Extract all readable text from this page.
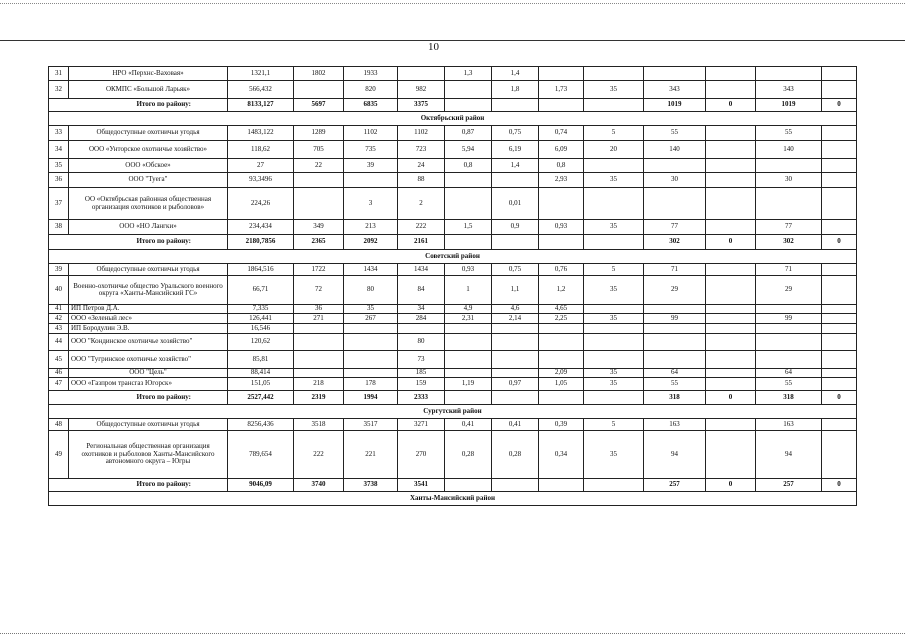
10
31	НРО «Перхнс-Ваховая»	1321,1	1802	1933		1,3	1,4						
32	ОКМПС «Большой Ларьяк»	566,432		820	982		1,8	1,73	35	343		343	
Итого по району:		8133,127	5697	6835	3375					1019	0	1019	0
Октябрьский район													
33	Общедоступные охотничьи угодья	1483,122	1289	1102	1102	0,87	0,75	0,74	5	55		55	
34	ООО «Унторское охотничье хозяйство»	118,62	705	735	723	5,94	6,19	6,09	20	140		140	
35	ООО «Обское»	27	22	39	24	0,8	1,4	0,8					
36	ООО "Туега"	93,3496			88			2,93	35	30		30	
37	ОО «Октябрьская районная общественная организация охотников и рыболовов»	224,26		3	2		0,01						
38	ООО «НО Лангки»	234,434	349	213	222	1,5	0,9	0,93	35	77		77	
Итого по району:		2180,7856	2365	2092	2161					302	0	302	0
Советский район													
39	Общедоступные охотничьи угодья	1864,516	1722	1434	1434	0,93	0,75	0,76	5	71		71	
40	Военно-охотничье общество Уральского военного округа «Ханты-Мансийский ГС»	66,71	72	80	84	1	1,1	1,2	35	29		29	
41	ИП Петров Д.А.	7,335	36	35	34	4,9	4,6	4,65					
42	ООО «Зеленый лес»	126,441	271	267	284	2,31	2,14	2,25	35	99		99	
43	ИП Бородулин Э.В.	16,546											
44	ООО "Кондинское охотничье хозяйство"	120,62			80								
45	ООО "Тугринское охотничье хозяйство"	85,81			73								
46	ООО "Цель"	88,414			185			2,09	35	64		64	
47	ООО «Газпром трансгаз Югорск»	151,05	218	178	159	1,19	0,97	1,05	35	55		55	
Итого по району:		2527,442	2319	1994	2333					318	0	318	0
Сургутский район													
48	Общедоступные охотничьи угодья	8256,436	3518	3517	3271	0,41	0,41	0,39	5	163		163	
49	Региональная общественная организация охотников и рыболовов Ханты-Мансийского автономного округа – Югры	789,654	222	221	270	0,28	0,28	0,34	35	94		94	
Итого по району:		9046,09	3740	3738	3541					257	0	257	0
Ханты-Мансийский район													
